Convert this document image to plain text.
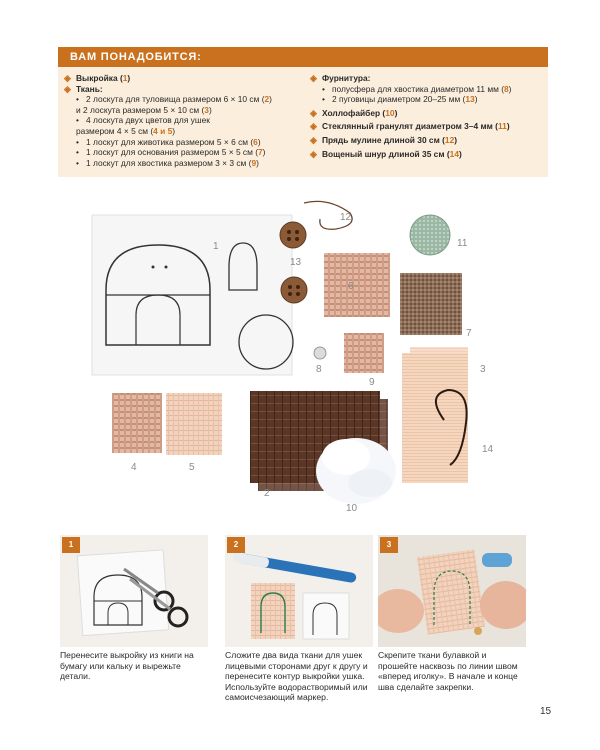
ВАМ ПОНАДОБИТСЯ:
◈ Выкройка (1)
◈ Ткань:
• 2 лоскута для туловища размером 6 × 10 см (2)
и 2 лоскута размером 5 × 10 см (3)
• 4 лоскута двух цветов для ушек
размером 4 × 5 см (4 и 5)
• 1 лоскут для животика размером 5 × 6 см (6)
• 1 лоскут для основания размером 5 × 5 см (7)
• 1 лоскут для хвостика размером 3 × 3 см (9)
◈ Фурнитура:
• полусфера для хвостика диаметром 11 мм (8)
• 2 пуговицы диаметром 20–25 мм (13)
◈ Холлофайбер (10)
◈ Стеклянный гранулят диаметром 3–4 мм (11)
◈ Прядь мулине длиной 30 см (12)
◈ Вощеный шнур длиной 35 см (14)
1
2
3
4	5
6
7
8
9
10
11
12
13
14
1
Перенесите выкройку из книги на бумагу или кальку и вырежьте детали.
2
Сложите два вида ткани для ушек лицевыми сторонами друг к другу и перенесите контур выкройки ушка. Используйте водорастворимый или самоисчезающий маркер.
3
Скрепите ткани булавкой и прошейте насквозь по линии швом «вперед иголку». В начале и конце шва сделайте закрепки.
15
